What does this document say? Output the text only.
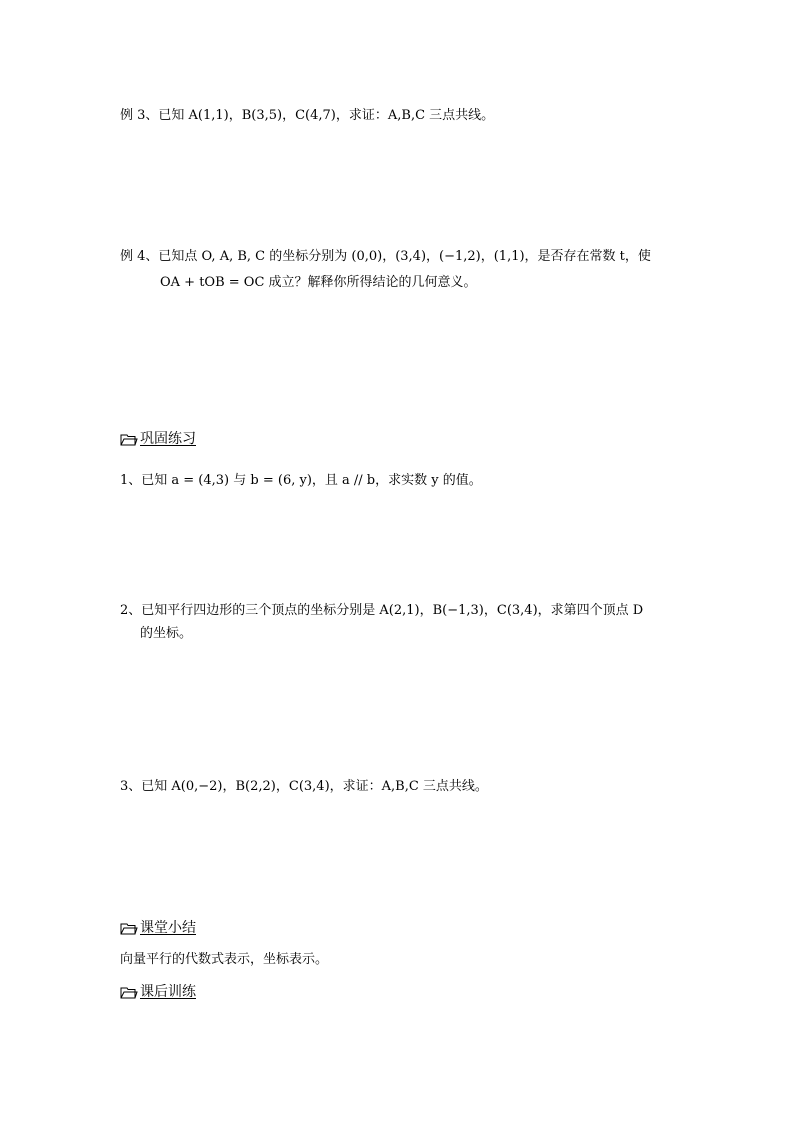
例 3、已知 A(1,1)，B(3,5)，C(4,7)，求证：A,B,C 三点共线。
例 4、已知点 O, A, B, C 的坐标分别为 (0,0)，(3,4)，(−1,2)，(1,1)，是否存在常数 t，使
OA + tOB = OC 成立？解释你所得结论的几何意义。
巩固练习
1、已知 a = (4,3) 与 b = (6, y)，且 a // b，求实数 y 的值。
2、已知平行四边形的三个顶点的坐标分别是 A(2,1)，B(−1,3)，C(3,4)，求第四个顶点 D
的坐标。
3、已知 A(0,−2)，B(2,2)，C(3,4)，求证：A,B,C 三点共线。
课堂小结
向量平行的代数式表示，坐标表示。
课后训练
